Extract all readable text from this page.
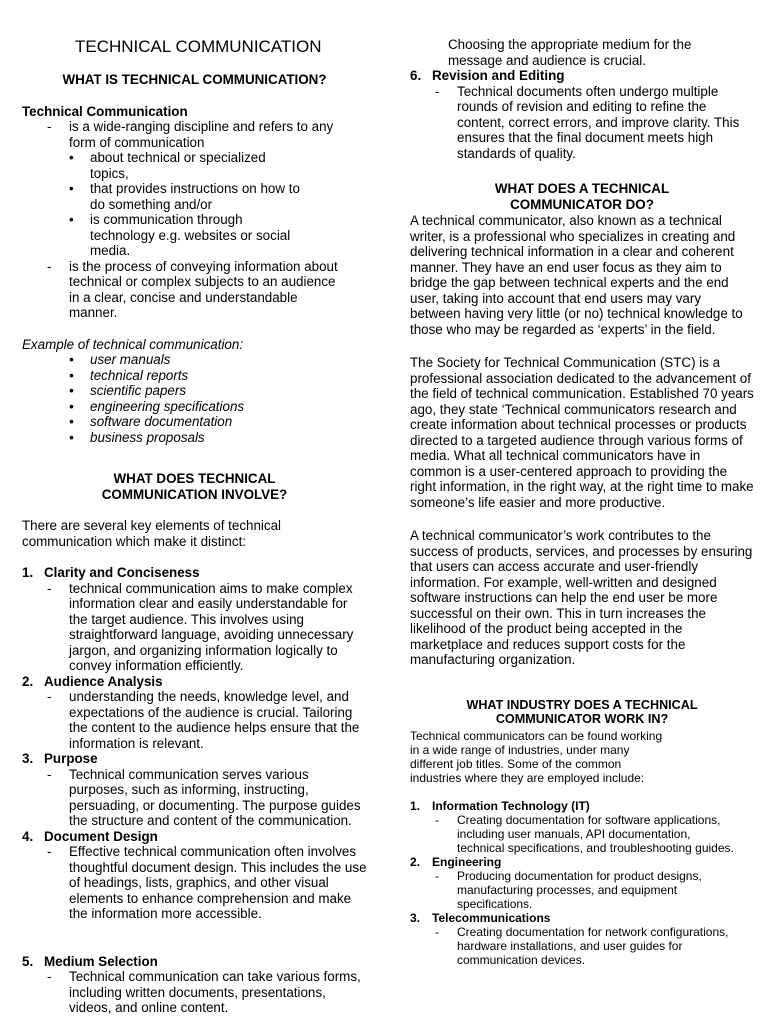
TECHNICAL COMMUNICATION
WHAT IS TECHNICAL COMMUNICATION?
Technical Communication
- is a wide-ranging discipline and refers to any form of communication
• about technical or specialized topics,
• that provides instructions on how to do something and/or
• is communication through technology e.g. websites or social media.
- is the process of conveying information about technical or complex subjects to an audience in a clear, concise and understandable manner.
Example of technical communication:
• user manuals
• technical reports
• scientific papers
• engineering specifications
• software documentation
• business proposals
WHAT DOES TECHNICAL
COMMUNICATION INVOLVE?
There are several key elements of technical communication which make it distinct:
1. Clarity and Conciseness
- technical communication aims to make complex information clear and easily understandable for the target audience. This involves using straightforward language, avoiding unnecessary jargon, and organizing information logically to convey information efficiently.
2. Audience Analysis
- understanding the needs, knowledge level, and expectations of the audience is crucial. Tailoring the content to the audience helps ensure that the information is relevant.
3. Purpose
- Technical communication serves various purposes, such as informing, instructing, persuading, or documenting. The purpose guides the structure and content of the communication.
4. Document Design
- Effective technical communication often involves thoughtful document design. This includes the use of headings, lists, graphics, and other visual elements to enhance comprehension and make the information more accessible.
5. Medium Selection
- Technical communication can take various forms, including written documents, presentations, videos, and online content.
Choosing the appropriate medium for the message and audience is crucial.
6. Revision and Editing
- Technical documents often undergo multiple rounds of revision and editing to refine the content, correct errors, and improve clarity. This ensures that the final document meets high standards of quality.
WHAT DOES A TECHNICAL
COMMUNICATOR DO?
A technical communicator, also known as a technical writer, is a professional who specializes in creating and delivering technical information in a clear and coherent manner. They have an end user focus as they aim to bridge the gap between technical experts and the end user, taking into account that end users may vary between having very little (or no) technical knowledge to those who may be regarded as ‘experts’ in the field.
The Society for Technical Communication (STC) is a professional association dedicated to the advancement of the field of technical communication. Established 70 years ago, they state ‘Technical communicators research and create information about technical processes or products directed to a targeted audience through various forms of media. What all technical communicators have in common is a user-centered approach to providing the right information, in the right way, at the right time to make someone’s life easier and more productive.
A technical communicator’s work contributes to the success of products, services, and processes by ensuring that users can access accurate and user-friendly information. For example, well-written and designed software instructions can help the end user be more successful on their own. This in turn increases the likelihood of the product being accepted in the marketplace and reduces support costs for the manufacturing organization.
WHAT INDUSTRY DOES A TECHNICAL
COMMUNICATOR WORK IN?
Technical communicators can be found working in a wide range of industries, under many different job titles. Some of the common industries where they are employed include:
1. Information Technology (IT)
- Creating documentation for software applications, including user manuals, API documentation, technical specifications, and troubleshooting guides.
2. Engineering
- Producing documentation for product designs, manufacturing processes, and equipment specifications.
3. Telecommunications
- Creating documentation for network configurations, hardware installations, and user guides for communication devices.
